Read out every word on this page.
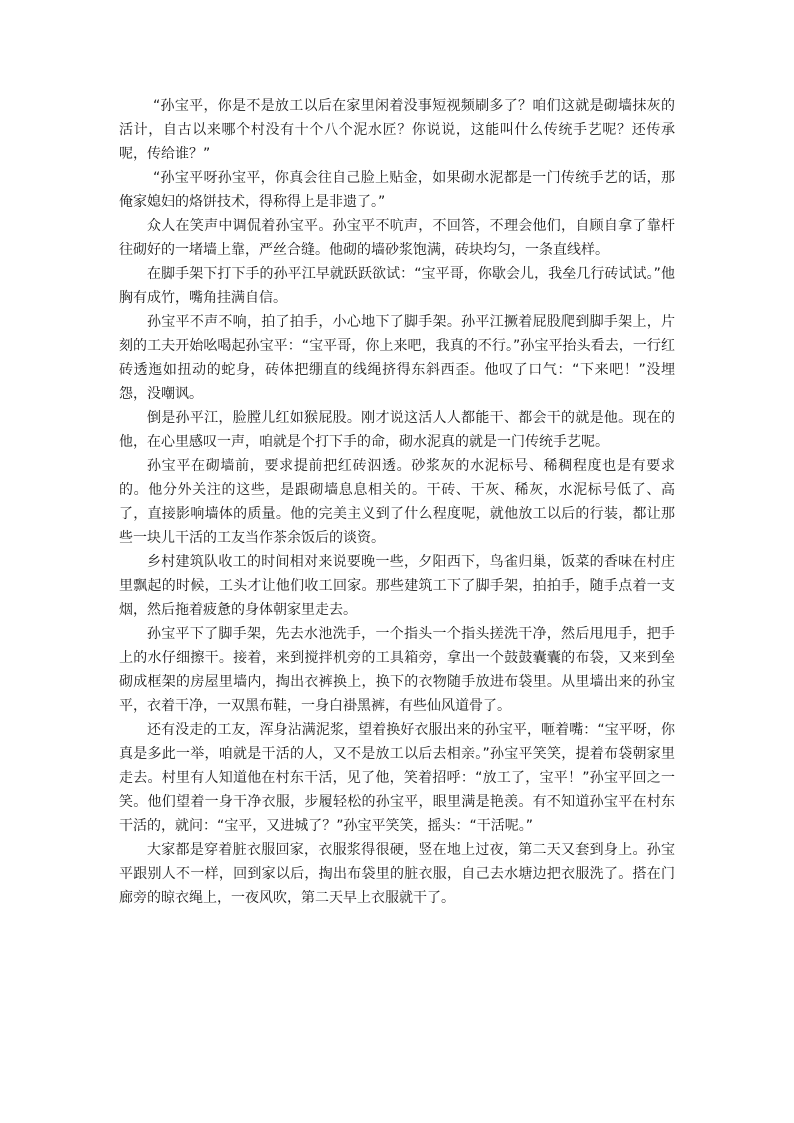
“孙宝平，你是不是放工以后在家里闲着没事短视频刷多了？咱们这就是砌墙抹灰的活计，自古以来哪个村没有十个八个泥水匠？你说说，这能叫什么传统手艺呢？还传承呢，传给谁？”

“孙宝平呀孙宝平，你真会往自己脸上贴金，如果砌水泥都是一门传统手艺的话，那俺家媳妇的烙饼技术，得称得上是非遗了。”

众人在笑声中调侃着孙宝平。孙宝平不吭声，不回答，不理会他们，自顾自拿了靠杆往砌好的一堵墙上靠，严丝合缝。他砌的墙砂浆饱满，砖块均匀，一条直线样。

在脚手架下打下手的孙平江早就跃跃欲试：“宝平哥，你歇会儿，我垒几行砖试试。”他胸有成竹，嘴角挂满自信。

孙宝平不声不响，拍了拍手，小心地下了脚手架。孙平江撅着屁股爬到脚手架上，片刻的工夫开始吆喝起孙宝平：“宝平哥，你上来吧，我真的不行。”孙宝平抬头看去，一行红砖透迤如扭动的蛇身，砖体把绷直的线绳挤得东斜西歪。他叹了口气：“下来吧！”没埋怨，没嘲讽。

倒是孙平江，脸膛儿红如猴屁股。刚才说这活人人都能干、都会干的就是他。现在的他，在心里感叹一声，咱就是个打下手的命，砌水泥真的就是一门传统手艺呢。

孙宝平在砌墙前，要求提前把红砖泅透。砂浆灰的水泥标号、稀稠程度也是有要求的。他分外关注的这些，是跟砌墙息息相关的。干砖、干灰、稀灰，水泥标号低了、高了，直接影响墙体的质量。他的完美主义到了什么程度呢，就他放工以后的行装，都让那些一块儿干活的工友当作茶余饭后的谈资。

乡村建筑队收工的时间相对来说要晚一些，夕阳西下，鸟雀归巢，饭菜的香味在村庄里飘起的时候，工头才让他们收工回家。那些建筑工下了脚手架，拍拍手，随手点着一支烟，然后拖着疲惫的身体朝家里走去。

孙宝平下了脚手架，先去水池洗手，一个指头一个指头搓洗干净，然后甩甩手，把手上的水仔细擦干。接着，来到搅拌机旁的工具箱旁，拿出一个鼓鼓囊囊的布袋，又来到垒砌成框架的房屋里墙内，掏出衣裤换上，换下的衣物随手放进布袋里。从里墙出来的孙宝平，衣着干净，一双黑布鞋，一身白褂黑裤，有些仙风道骨了。

还有没走的工友，浑身沾满泥浆，望着换好衣服出来的孙宝平，咂着嘴：“宝平呀，你真是多此一举，咱就是干活的人，又不是放工以后去相亲。”孙宝平笑笑，提着布袋朝家里走去。村里有人知道他在村东干活，见了他，笑着招呼：“放工了，宝平！”孙宝平回之一笑。他们望着一身干净衣服，步履轻松的孙宝平，眼里满是艳羡。有不知道孙宝平在村东干活的，就问：“宝平，又进城了？”孙宝平笑笑，摇头：“干活呢。”

大家都是穿着脏衣服回家，衣服浆得很硬，竖在地上过夜，第二天又套到身上。孙宝平跟别人不一样，回到家以后，掏出布袋里的脏衣服，自己去水塘边把衣服洗了。搭在门廊旁的晾衣绳上，一夜风吹，第二天早上衣服就干了。
